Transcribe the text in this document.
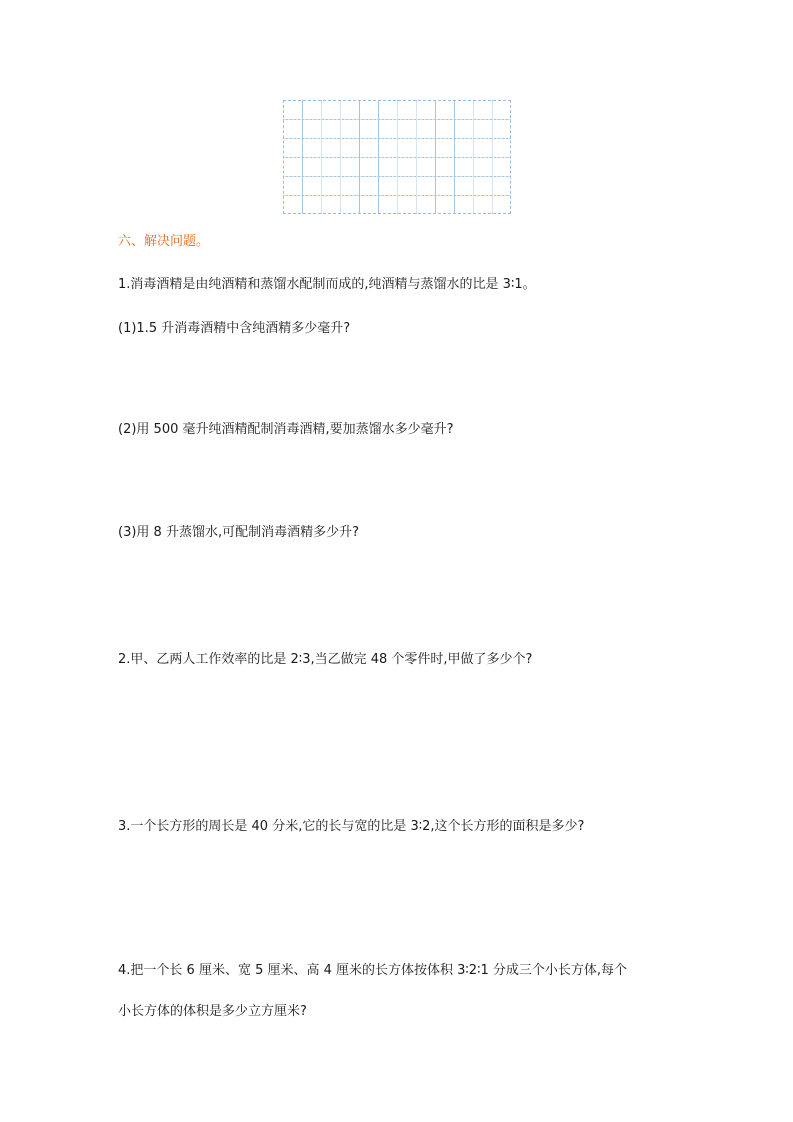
六、解决问题。
1.消毒酒精是由纯酒精和蒸馏水配制而成的,纯酒精与蒸馏水的比是 3∶1。
(1)1.5 升消毒酒精中含纯酒精多少毫升?
(2)用 500 毫升纯酒精配制消毒酒精,要加蒸馏水多少毫升?
(3)用 8 升蒸馏水,可配制消毒酒精多少升?
2.甲、乙两人工作效率的比是 2∶3,当乙做完 48 个零件时,甲做了多少个?
3.一个长方形的周长是 40 分米,它的长与宽的比是 3∶2,这个长方形的面积是多少?
4.把一个长 6 厘米、宽 5 厘米、高 4 厘米的长方体按体积 3∶2∶1 分成三个小长方体,每个
小长方体的体积是多少立方厘米?
